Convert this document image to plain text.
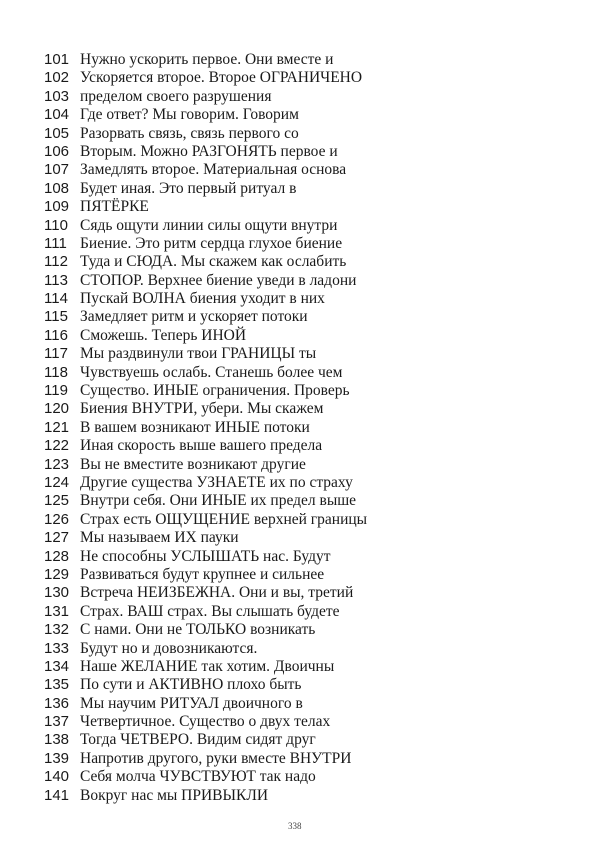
101 Нужно ускорить первое. Они вместе и
102 Ускоряется второе. Второе ОГРАНИЧЕНО
103 пределом своего разрушения
104 Где ответ? Мы говорим. Говорим
105 Разорвать связь, связь первого со
106 Вторым. Можно РАЗГОНЯТЬ первое и
107 Замедлять второе. Материальная основа
108 Будет иная. Это первый ритуал в
109 ПЯТЁРКЕ
110 Сядь ощути линии силы ощути внутри
111 Биение. Это ритм сердца глухое биение
112 Туда и СЮДА. Мы скажем как ослабить
113 СТОПОР. Верхнее биение уведи в ладони
114 Пускай ВОЛНА биения уходит в них
115 Замедляет ритм и ускоряет потоки
116 Сможешь. Теперь ИНОЙ
117 Мы раздвинули твои ГРАНИЦЫ ты
118 Чувствуешь ослабь. Станешь более чем
119 Существо. ИНЫЕ ограничения. Проверь
120 Биения ВНУТРИ, убери. Мы скажем
121 В вашем возникают ИНЫЕ потоки
122 Иная скорость выше вашего предела
123 Вы не вместите возникают другие
124 Другие существа УЗНАЕТЕ их по страху
125 Внутри себя. Они ИНЫЕ их предел выше
126 Страх есть ОЩУЩЕНИЕ верхней границы
127 Мы называем ИХ пауки
128 Не способны УСЛЫШАТЬ нас. Будут
129 Развиваться будут крупнее и сильнее
130 Встреча НЕИЗБЕЖНА. Они и вы, третий
131 Страх. ВАШ страх. Вы слышать будете
132 С нами. Они не ТОЛЬКО возникать
133 Будут но и довозникаются.
134 Наше ЖЕЛАНИЕ так хотим. Двоичны
135 По сути и АКТИВНО плохо быть
136 Мы научим РИТУАЛ двоичного в
137 Четвертичное. Существо о двух телах
138 Тогда ЧЕТВЕРО. Видим сидят друг
139 Напротив другого, руки вместе ВНУТРИ
140 Себя молча ЧУВСТВУЮТ так надо
141 Вокруг нас мы ПРИВЫКЛИ
338
